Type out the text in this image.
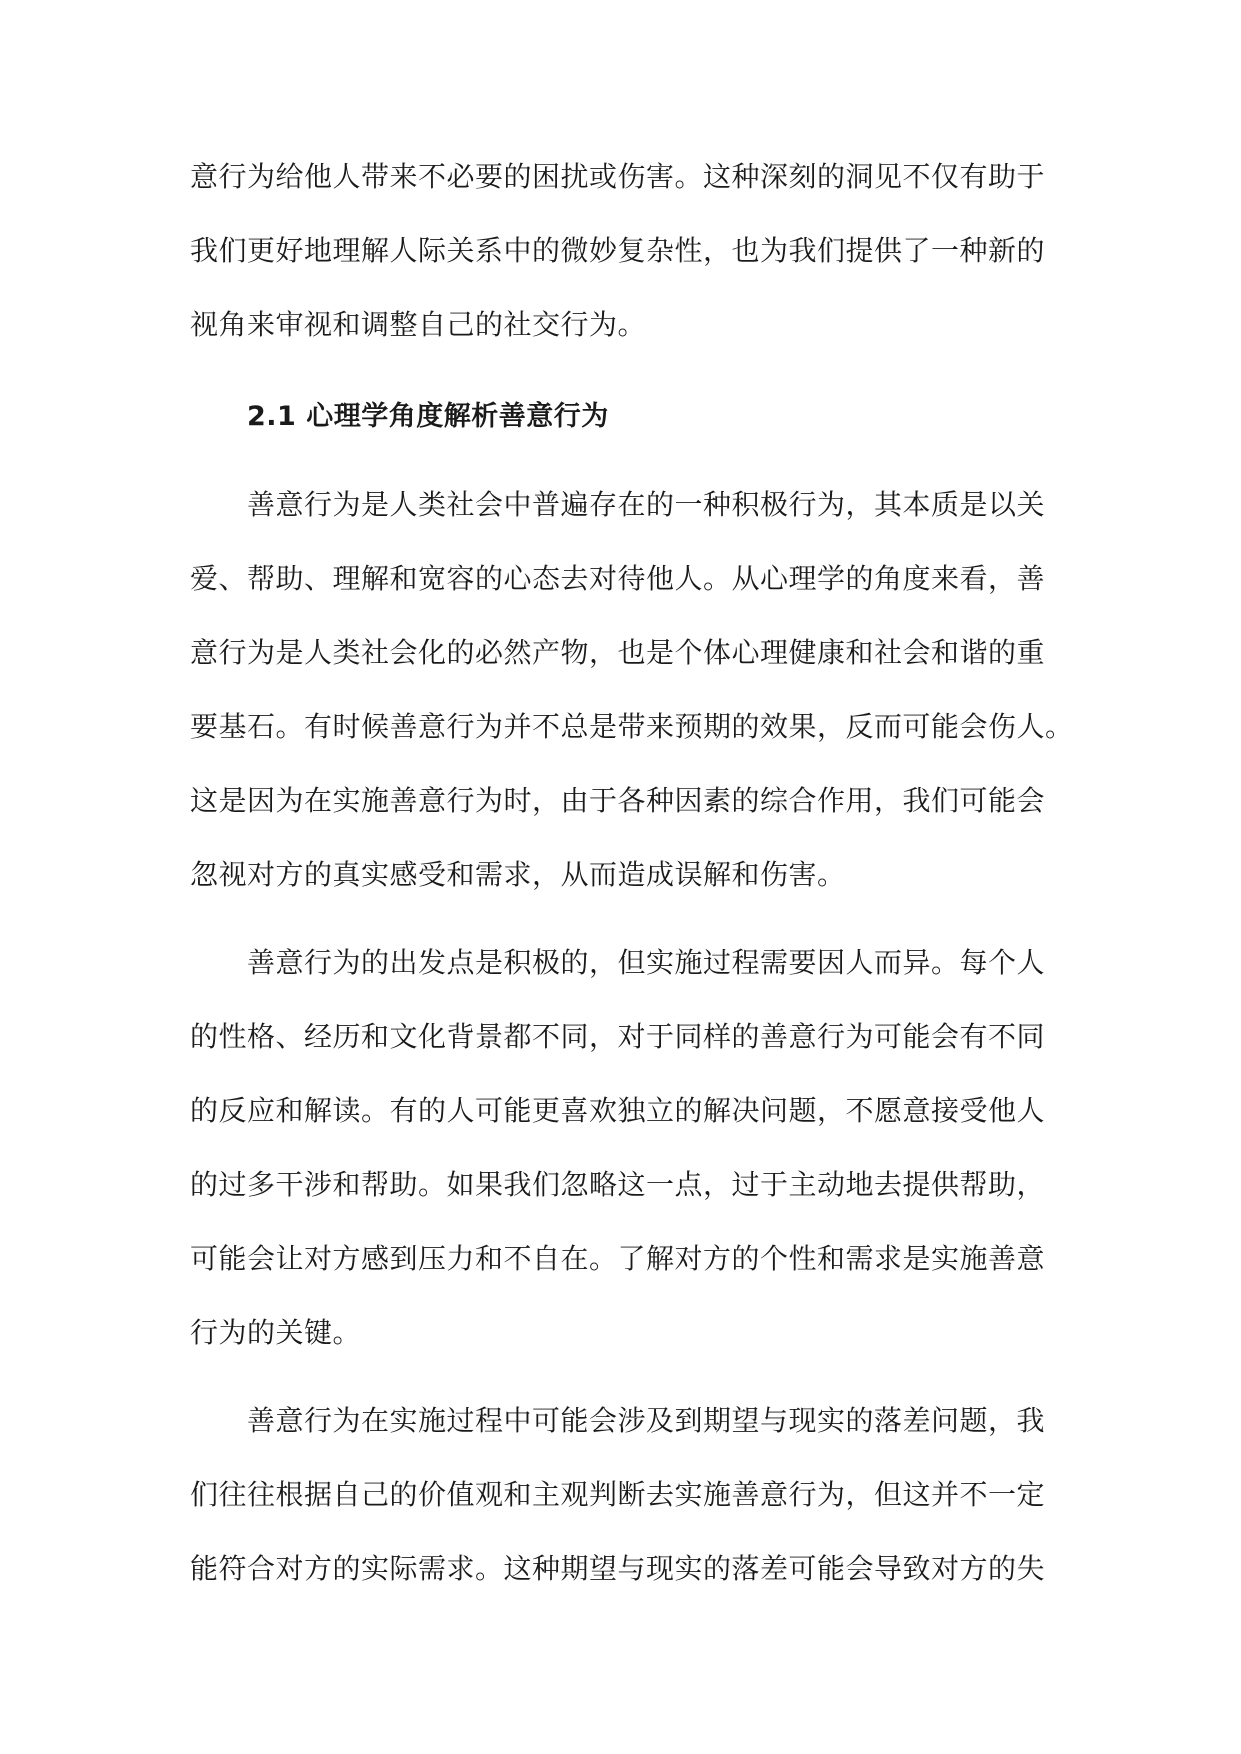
意行为给他人带来不必要的困扰或伤害。这种深刻的洞见不仅有助于
我们更好地理解人际关系中的微妙复杂性，也为我们提供了一种新的
视角来审视和调整自己的社交行为。
2.1 心理学角度解析善意行为
善意行为是人类社会中普遍存在的一种积极行为，其本质是以关
爱、帮助、理解和宽容的心态去对待他人。从心理学的角度来看，善
意行为是人类社会化的必然产物，也是个体心理健康和社会和谐的重
要基石。有时候善意行为并不总是带来预期的效果，反而可能会伤人。
这是因为在实施善意行为时，由于各种因素的综合作用，我们可能会
忽视对方的真实感受和需求，从而造成误解和伤害。
善意行为的出发点是积极的，但实施过程需要因人而异。每个人
的性格、经历和文化背景都不同，对于同样的善意行为可能会有不同
的反应和解读。有的人可能更喜欢独立的解决问题，不愿意接受他人
的过多干涉和帮助。如果我们忽略这一点，过于主动地去提供帮助，
可能会让对方感到压力和不自在。了解对方的个性和需求是实施善意
行为的关键。
善意行为在实施过程中可能会涉及到期望与现实的落差问题，我
们往往根据自己的价值观和主观判断去实施善意行为，但这并不一定
能符合对方的实际需求。这种期望与现实的落差可能会导致对方的失
